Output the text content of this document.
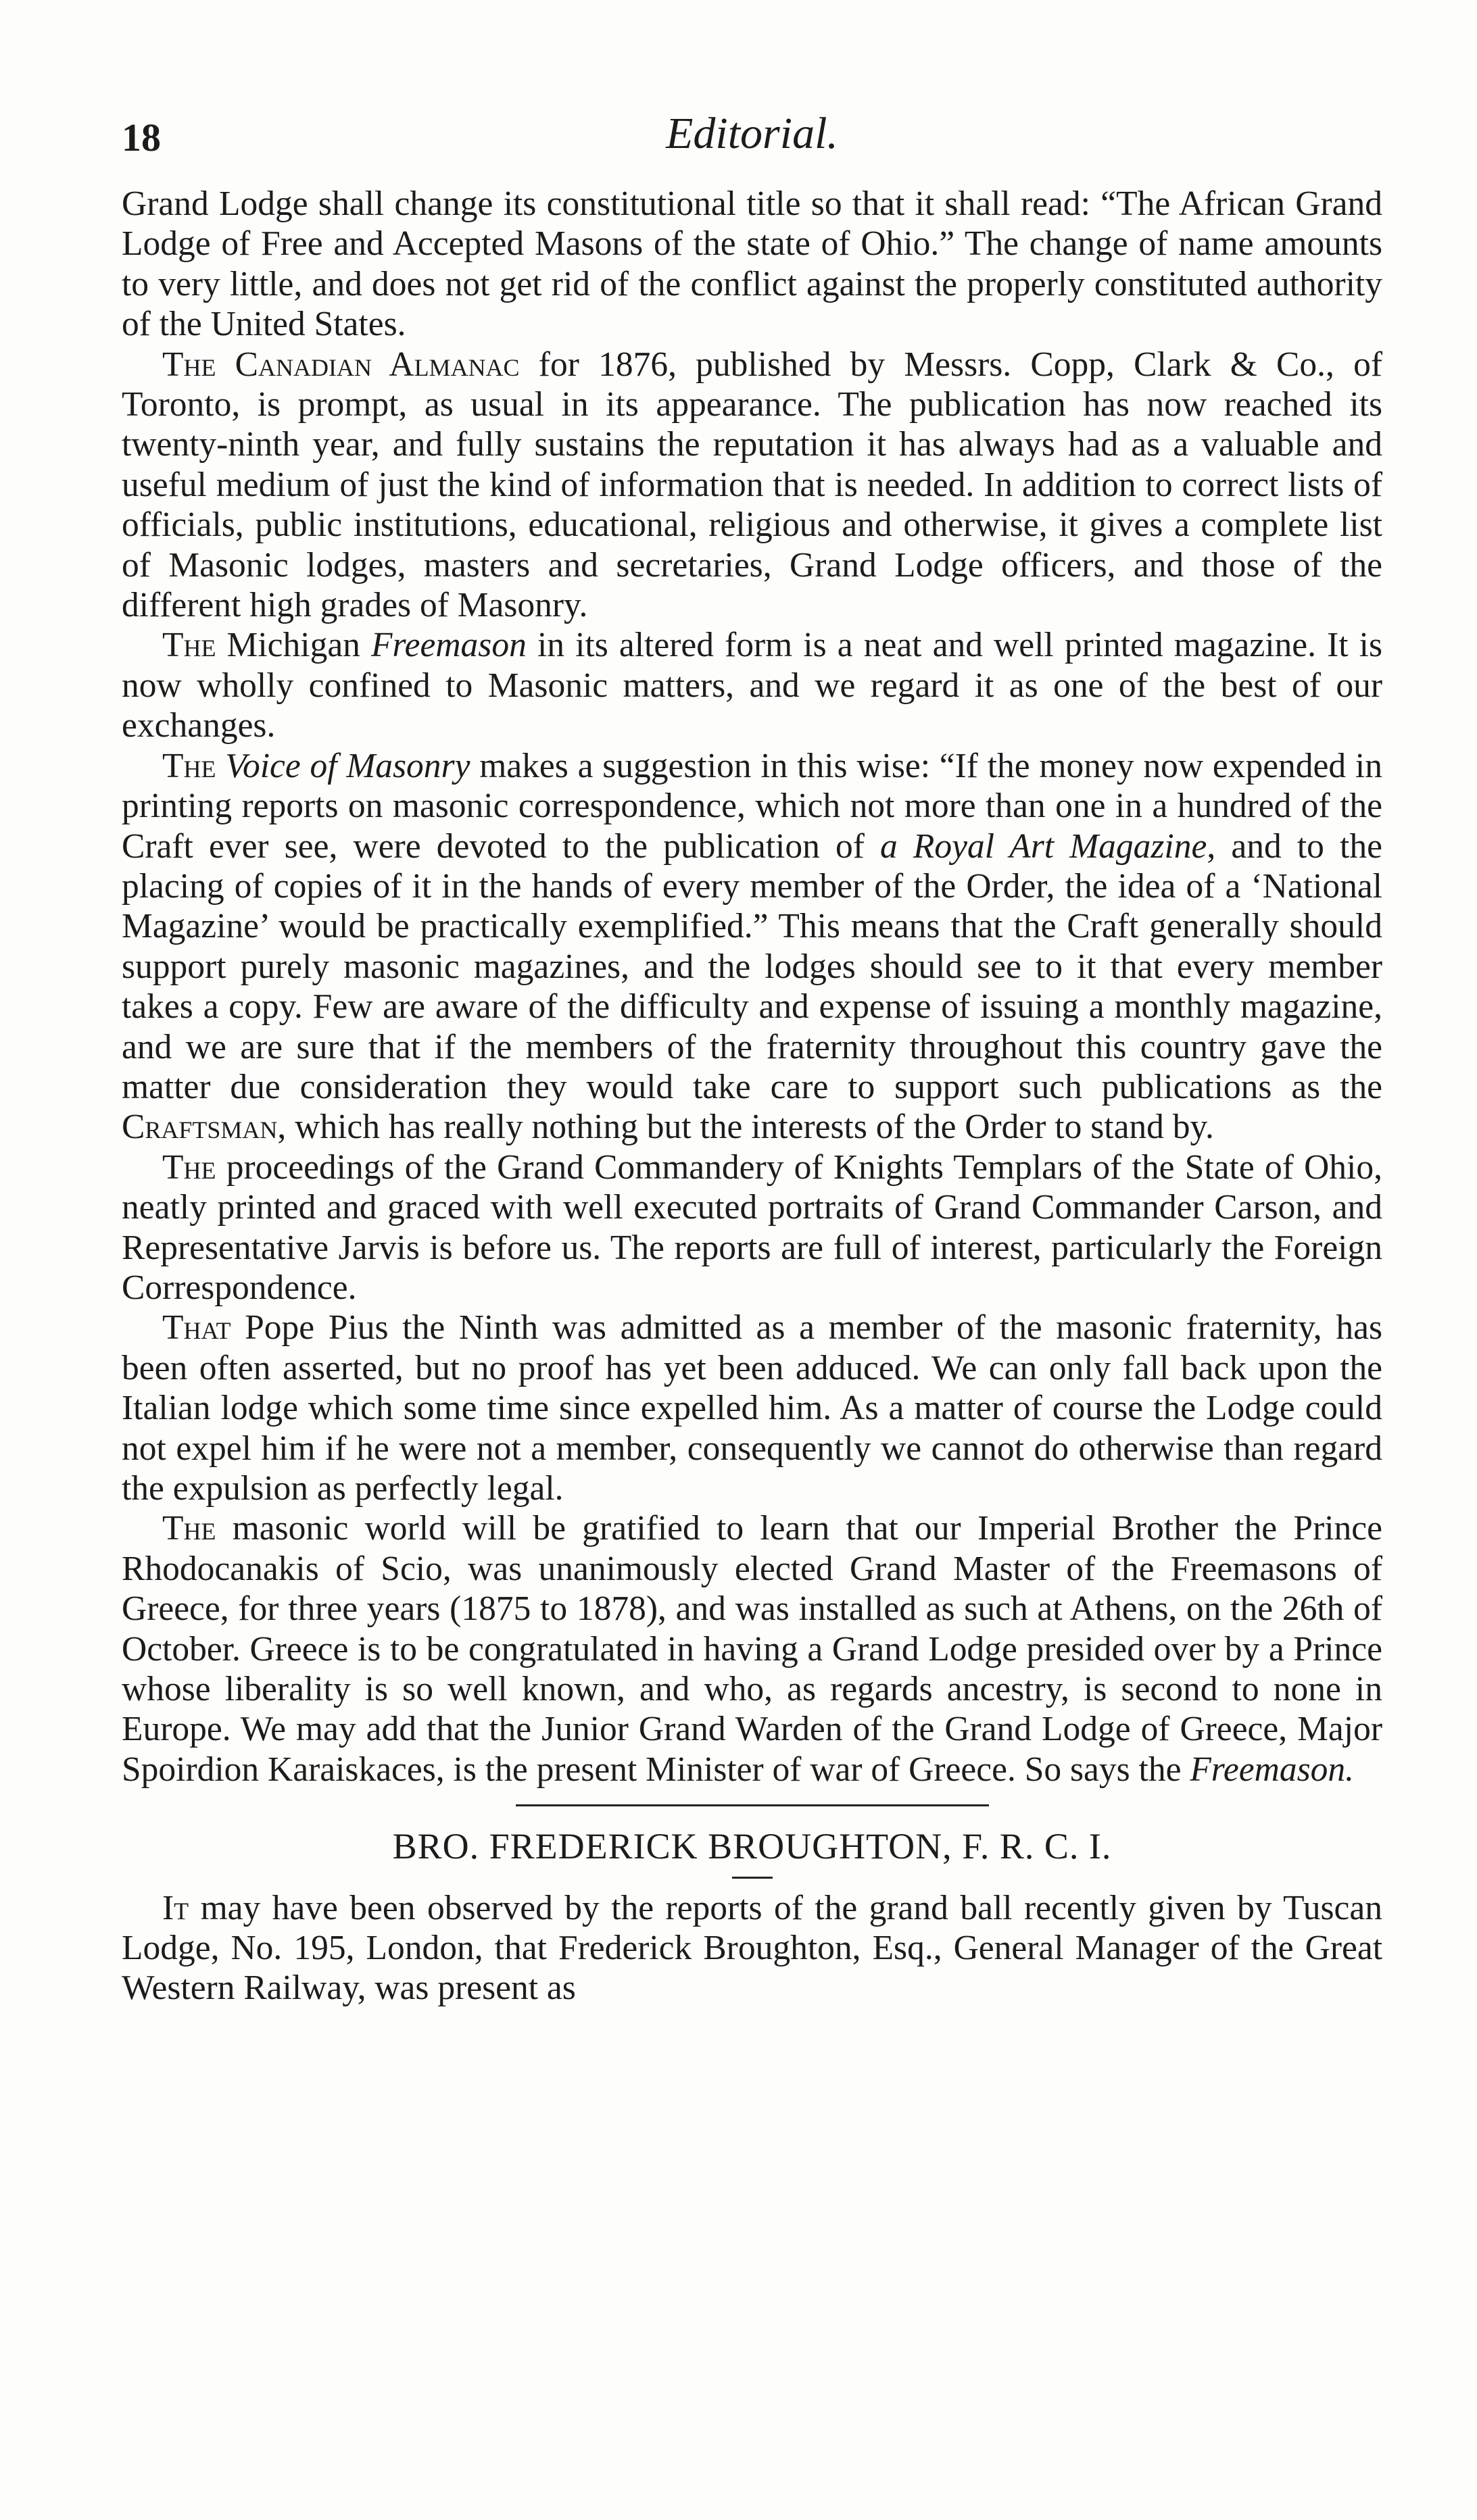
18	Editorial.

Grand Lodge shall change its constitutional title so that it shall read: “The African Grand Lodge of Free and Accepted Masons of the state of Ohio.” The change of name amounts to very little, and does not get rid of the conflict against the properly constituted authority of the United States.

The Canadian Almanac for 1876, published by Messrs. Copp, Clark & Co., of Toronto, is prompt, as usual in its appearance. The publication has now reached its twenty-ninth year, and fully sustains the reputation it has always had as a valuable and useful medium of just the kind of information that is needed. In addition to correct lists of officials, public institutions, educational, religious and otherwise, it gives a complete list of Masonic lodges, masters and secretaries, Grand Lodge officers, and those of the different high grades of Masonry.

The Michigan Freemason in its altered form is a neat and well printed magazine. It is now wholly confined to Masonic matters, and we regard it as one of the best of our exchanges.

The Voice of Masonry makes a suggestion in this wise: “If the money now expended in printing reports on masonic correspondence, which not more than one in a hundred of the Craft ever see, were devoted to the publication of a Royal Art Magazine, and to the placing of copies of it in the hands of every member of the Order, the idea of a ‘National Magazine’ would be practically exemplified.” This means that the Craft generally should support purely masonic magazines, and the lodges should see to it that every member takes a copy. Few are aware of the difficulty and expense of issuing a monthly magazine, and we are sure that if the members of the fraternity throughout this country gave the matter due consideration they would take care to support such publications as the Craftsman, which has really nothing but the interests of the Order to stand by.

The proceedings of the Grand Commandery of Knights Templars of the State of Ohio, neatly printed and graced with well executed portraits of Grand Commander Carson, and Representative Jarvis is before us. The reports are full of interest, particularly the Foreign Correspondence.

That Pope Pius the Ninth was admitted as a member of the masonic fraternity, has been often asserted, but no proof has yet been adduced. We can only fall back upon the Italian lodge which some time since expelled him. As a matter of course the Lodge could not expel him if he were not a member, consequently we cannot do otherwise than regard the expulsion as perfectly legal.

The masonic world will be gratified to learn that our Imperial Brother the Prince Rhodocanakis of Scio, was unanimously elected Grand Master of the Freemasons of Greece, for three years (1875 to 1878), and was installed as such at Athens, on the 26th of October. Greece is to be congratulated in having a Grand Lodge presided over by a Prince whose liberality is so well known, and who, as regards ancestry, is second to none in Europe. We may add that the Junior Grand Warden of the Grand Lodge of Greece, Major Spoirdion Karaiskaces, is the present Minister of war of Greece. So says the Freemason.

BRO. FREDERICK BROUGHTON, F. R. C. I.

It may have been observed by the reports of the grand ball recently given by Tuscan Lodge, No. 195, London, that Frederick Broughton, Esq., General Manager of the Great Western Railway, was present as
